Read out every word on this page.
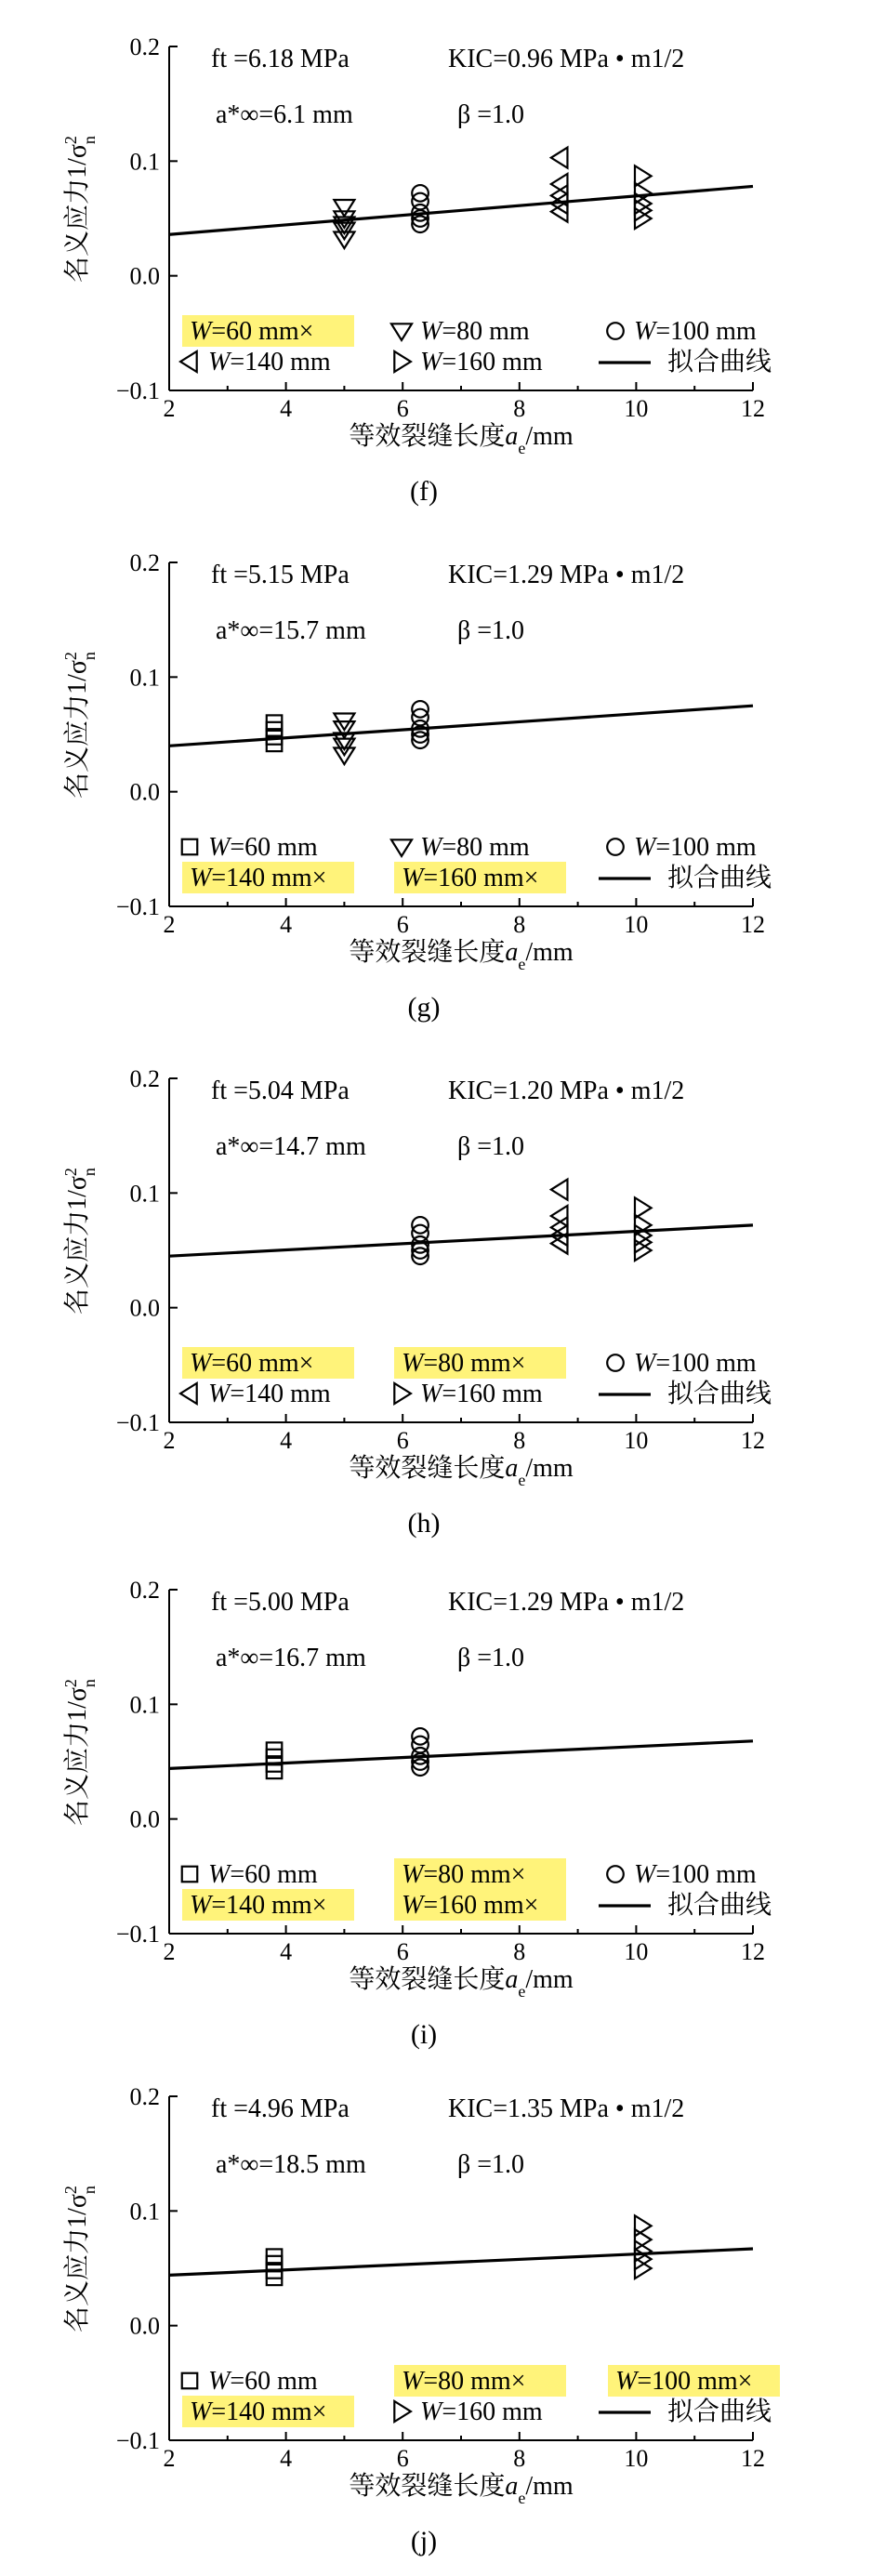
0.2
0.1
0.0
−0.1
2	4	6	8	10	12
名义应力$1/\sigma^2_n$
等效裂缝长度$a_e/mm$
(f)
ft =6.18 MPa	KIC=0.96 MPa • m1/2
a*∞=6.1 mm	β =1.0
W=60 mm×	W=80 mm	W=100 mm
W=140 mm	W=160 mm	拟合曲线
0.2
0.1
0.0
−0.1
2	4	6	8	10	12
名义应力$1/\sigma^2_n$
等效裂缝长度$a_e/mm$
(g)
ft =5.15 MPa	KIC=1.29 MPa • m1/2
a*∞=15.7 mm	β =1.0
W=60 mm	W=80 mm	W=100 mm
W=140 mm×	W=160 mm×	拟合曲线
0.2
0.1
0.0
−0.1
2	4	6	8	10	12
名义应力$1/\sigma^2_n$
等效裂缝长度$a_e/mm$
(h)
ft =5.04 MPa	KIC=1.20 MPa • m1/2
a*∞=14.7 mm	β =1.0
W=60 mm×	W=80 mm×	W=100 mm
W=140 mm	W=160 mm	拟合曲线
0.2
0.1
0.0
−0.1
2	4	6	8	10	12
名义应力$1/\sigma^2_n$
等效裂缝长度$a_e/mm$
(i)
ft =5.00 MPa	KIC=1.29 MPa • m1/2
a*∞=16.7 mm	β =1.0
W=60 mm	W=80 mm×	W=100 mm
W=140 mm×	W=160 mm×	拟合曲线
0.2
0.1
0.0
−0.1
2	4	6	8	10	12
名义应力$1/\sigma^2_n$
等效裂缝长度$a_e/mm$
(j)
ft =4.96 MPa	KIC=1.35 MPa • m1/2
a*∞=18.5 mm	β =1.0
W=60 mm	W=80 mm×	W=100 mm×
W=140 mm×	W=160 mm	拟合曲线
